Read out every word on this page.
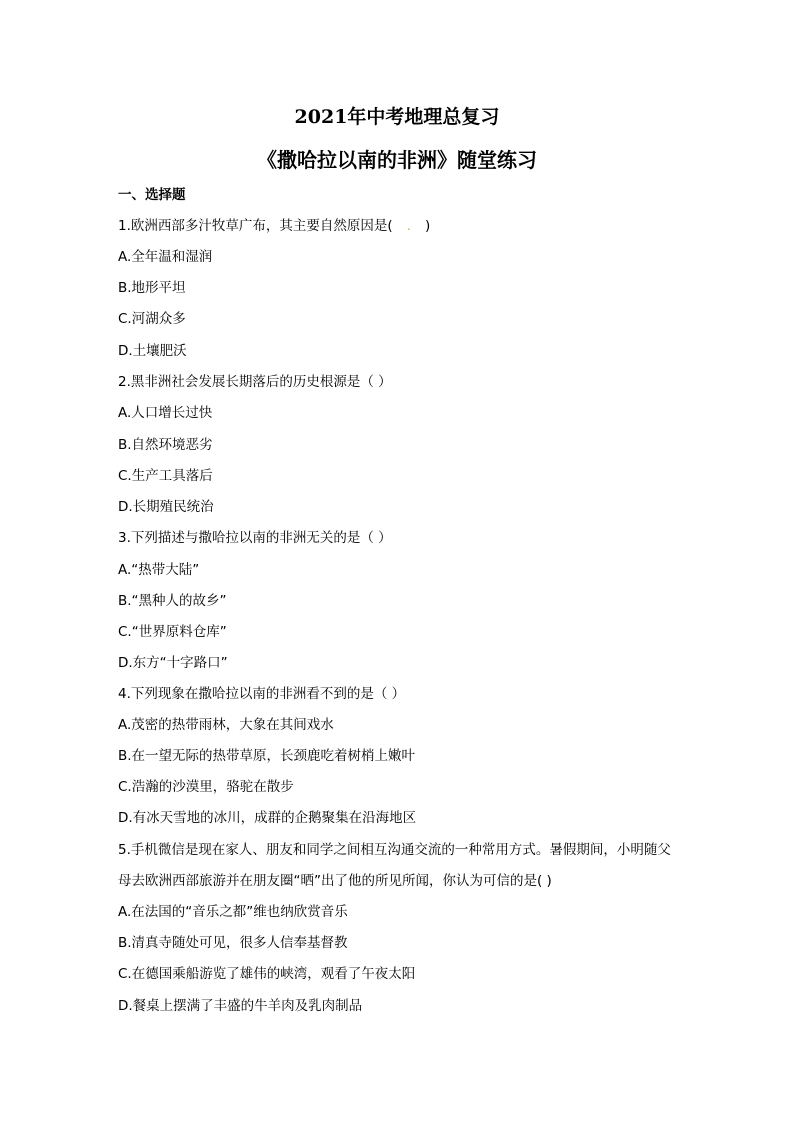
2021年中考地理总复习
《撒哈拉以南的非洲》随堂练习
一、选择题
1.欧洲西部多汁牧草广布，其主要自然原因是( . )
A.全年温和湿润
B.地形平坦
C.河湖众多
D.土壤肥沃
2.黑非洲社会发展长期落后的历史根源是（ ）
A.人口增长过快
B.自然环境恶劣
C.生产工具落后
D.长期殖民统治
3.下列描述与撒哈拉以南的非洲无关的是（ ）
A.“热带大陆”
B.“黑种人的故乡”
C.“世界原料仓库”
D.东方“十字路口”
4.下列现象在撒哈拉以南的非洲看不到的是（ ）
A.茂密的热带雨林，大象在其间戏水
B.在一望无际的热带草原，长颈鹿吃着树梢上嫩叶
C.浩瀚的沙漠里，骆驼在散步
D.有冰天雪地的冰川，成群的企鹅聚集在沿海地区
5.手机微信是现在家人、朋友和同学之间相互沟通交流的一种常用方式。暑假期间，小明随父
母去欧洲西部旅游并在朋友圈“晒”出了他的所见所闻，你认为可信的是( )
A.在法国的“音乐之都”维也纳欣赏音乐
B.清真寺随处可见，很多人信奉基督教
C.在德国乘船游览了雄伟的峡湾，观看了午夜太阳
D.餐桌上摆满了丰盛的牛羊肉及乳肉制品
